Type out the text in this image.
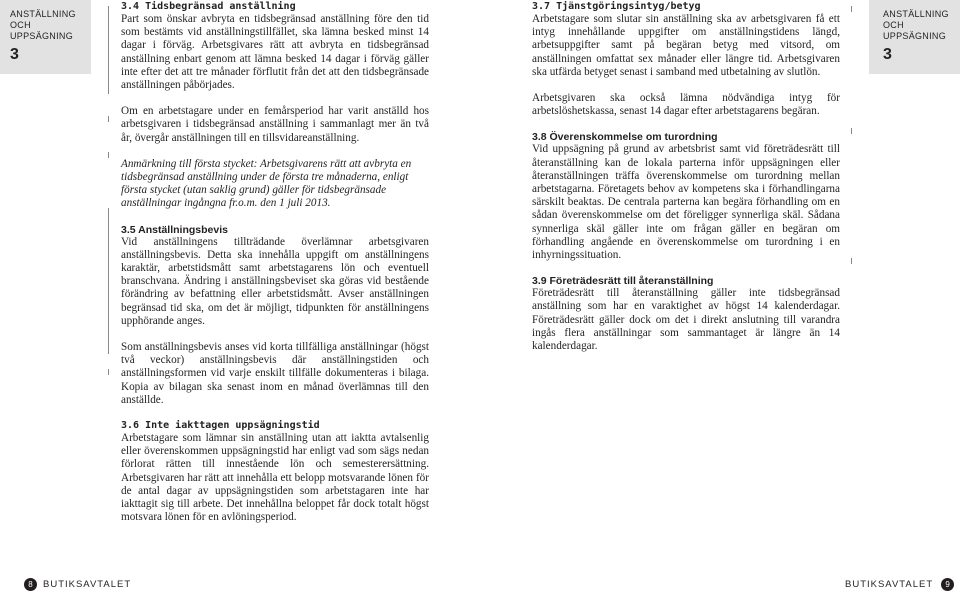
ANSTÄLLNING
OCH UPPSÄGNING
3
ANSTÄLLNING
OCH UPPSÄGNING
3
3.4 Tidsbegränsad anställning

Part som önskar avbryta en tidsbegränsad anställning före den tid som bestämts vid anställningstillfället, ska lämna besked minst 14 dagar i förväg. Arbetsgivares rätt att avbryta en tidsbegränsad anställning enbart genom att lämna besked 14 dagar i förväg gäller inte efter det att tre månader förflutit från det att den tidsbegränsade anställningen påbörjades.

Om en arbetstagare under en femårsperiod har varit anställd hos arbetsgivaren i tidsbegränsad anställning i sammanlagt mer än två år, övergår anställningen till en tillsvidareanställning.

Anmärkning till första stycket: Arbetsgivarens rätt att avbryta en tidsbegränsad anställning under de första tre månaderna, enligt första stycket (utan saklig grund) gäller för tidsbegränsade anställningar ingångna fr.o.m. den 1 juli 2013.

3.5 Anställningsbevis

Vid anställningens tillträdande överlämnar arbetsgivaren anställningsbevis. Detta ska innehålla uppgift om anställningens karaktär, arbetstidsmått samt arbetstagarens lön och eventuell branschvana. Ändring i anställningsbeviset ska göras vid bestående förändring av befattning eller arbetstidsmått. Avser anställningen begränsad tid ska, om det är möjligt, tidpunkten för anställningens upphörande anges.

Som anställningsbevis anses vid korta tillfälliga anställningar (högst två veckor) anställningsbevis där anställningstiden och anställningsformen vid varje enskilt tillfälle dokumenteras i bilaga. Kopia av bilagan ska senast inom en månad överlämnas till den anställde.

3.6 Inte iakttagen uppsägningstid

Arbetstagare som lämnar sin anställning utan att iaktta avtalsenlig eller överenskommen uppsägningstid har enligt vad som sägs nedan förlorat rätten till innestående lön och semesterersättning. Arbetsgivaren har rätt att innehålla ett belopp motsvarande lönen för de antal dagar av uppsägningstiden som arbetstagaren inte har iakttagit sig till arbete. Det innehållna beloppet får dock totalt högst motsvara lönen för en avlöningsperiod.

3.7 Tjänstgöringsintyg/betyg

Arbetstagare som slutar sin anställning ska av arbetsgivaren få ett intyg innehållande uppgifter om anställningstidens längd, arbetsuppgifter samt på begäran betyg med vitsord, om anställningen omfattat sex månader eller längre tid. Arbetsgivaren ska utfärda betyget senast i samband med utbetalning av slutlön.

Arbetsgivaren ska också lämna nödvändiga intyg för arbetslöshetskassa, senast 14 dagar efter arbetstagarens begäran.

3.8 Överenskommelse om turordning

Vid uppsägning på grund av arbetsbrist samt vid företrädesrätt till återanställning kan de lokala parterna inför uppsägningen eller återanställningen träffa överenskommelse om turordning mellan arbetstagarna. Företagets behov av kompetens ska i förhandlingarna särskilt beaktas. De centrala parterna kan begära förhandling om en sådan överenskommelse om det föreligger synnerliga skäl. Sådana synnerliga skäl gäller inte om frågan gäller en begäran om förhandling angående en överenskommelse om turordning i en inhyrningssituation.

3.9 Företrädesrätt till återanställning

Företrädesrätt till återanställning gäller inte tidsbegränsad anställning som har en varaktighet av högst 14 kalenderdagar. Företrädesrätt gäller dock om det i direkt anslutning till varandra ingås flera anställningar som sammantaget är längre än 14 kalenderdagar.

8	BUTIKSAVTALET	BUTIKSAVTALET	9
